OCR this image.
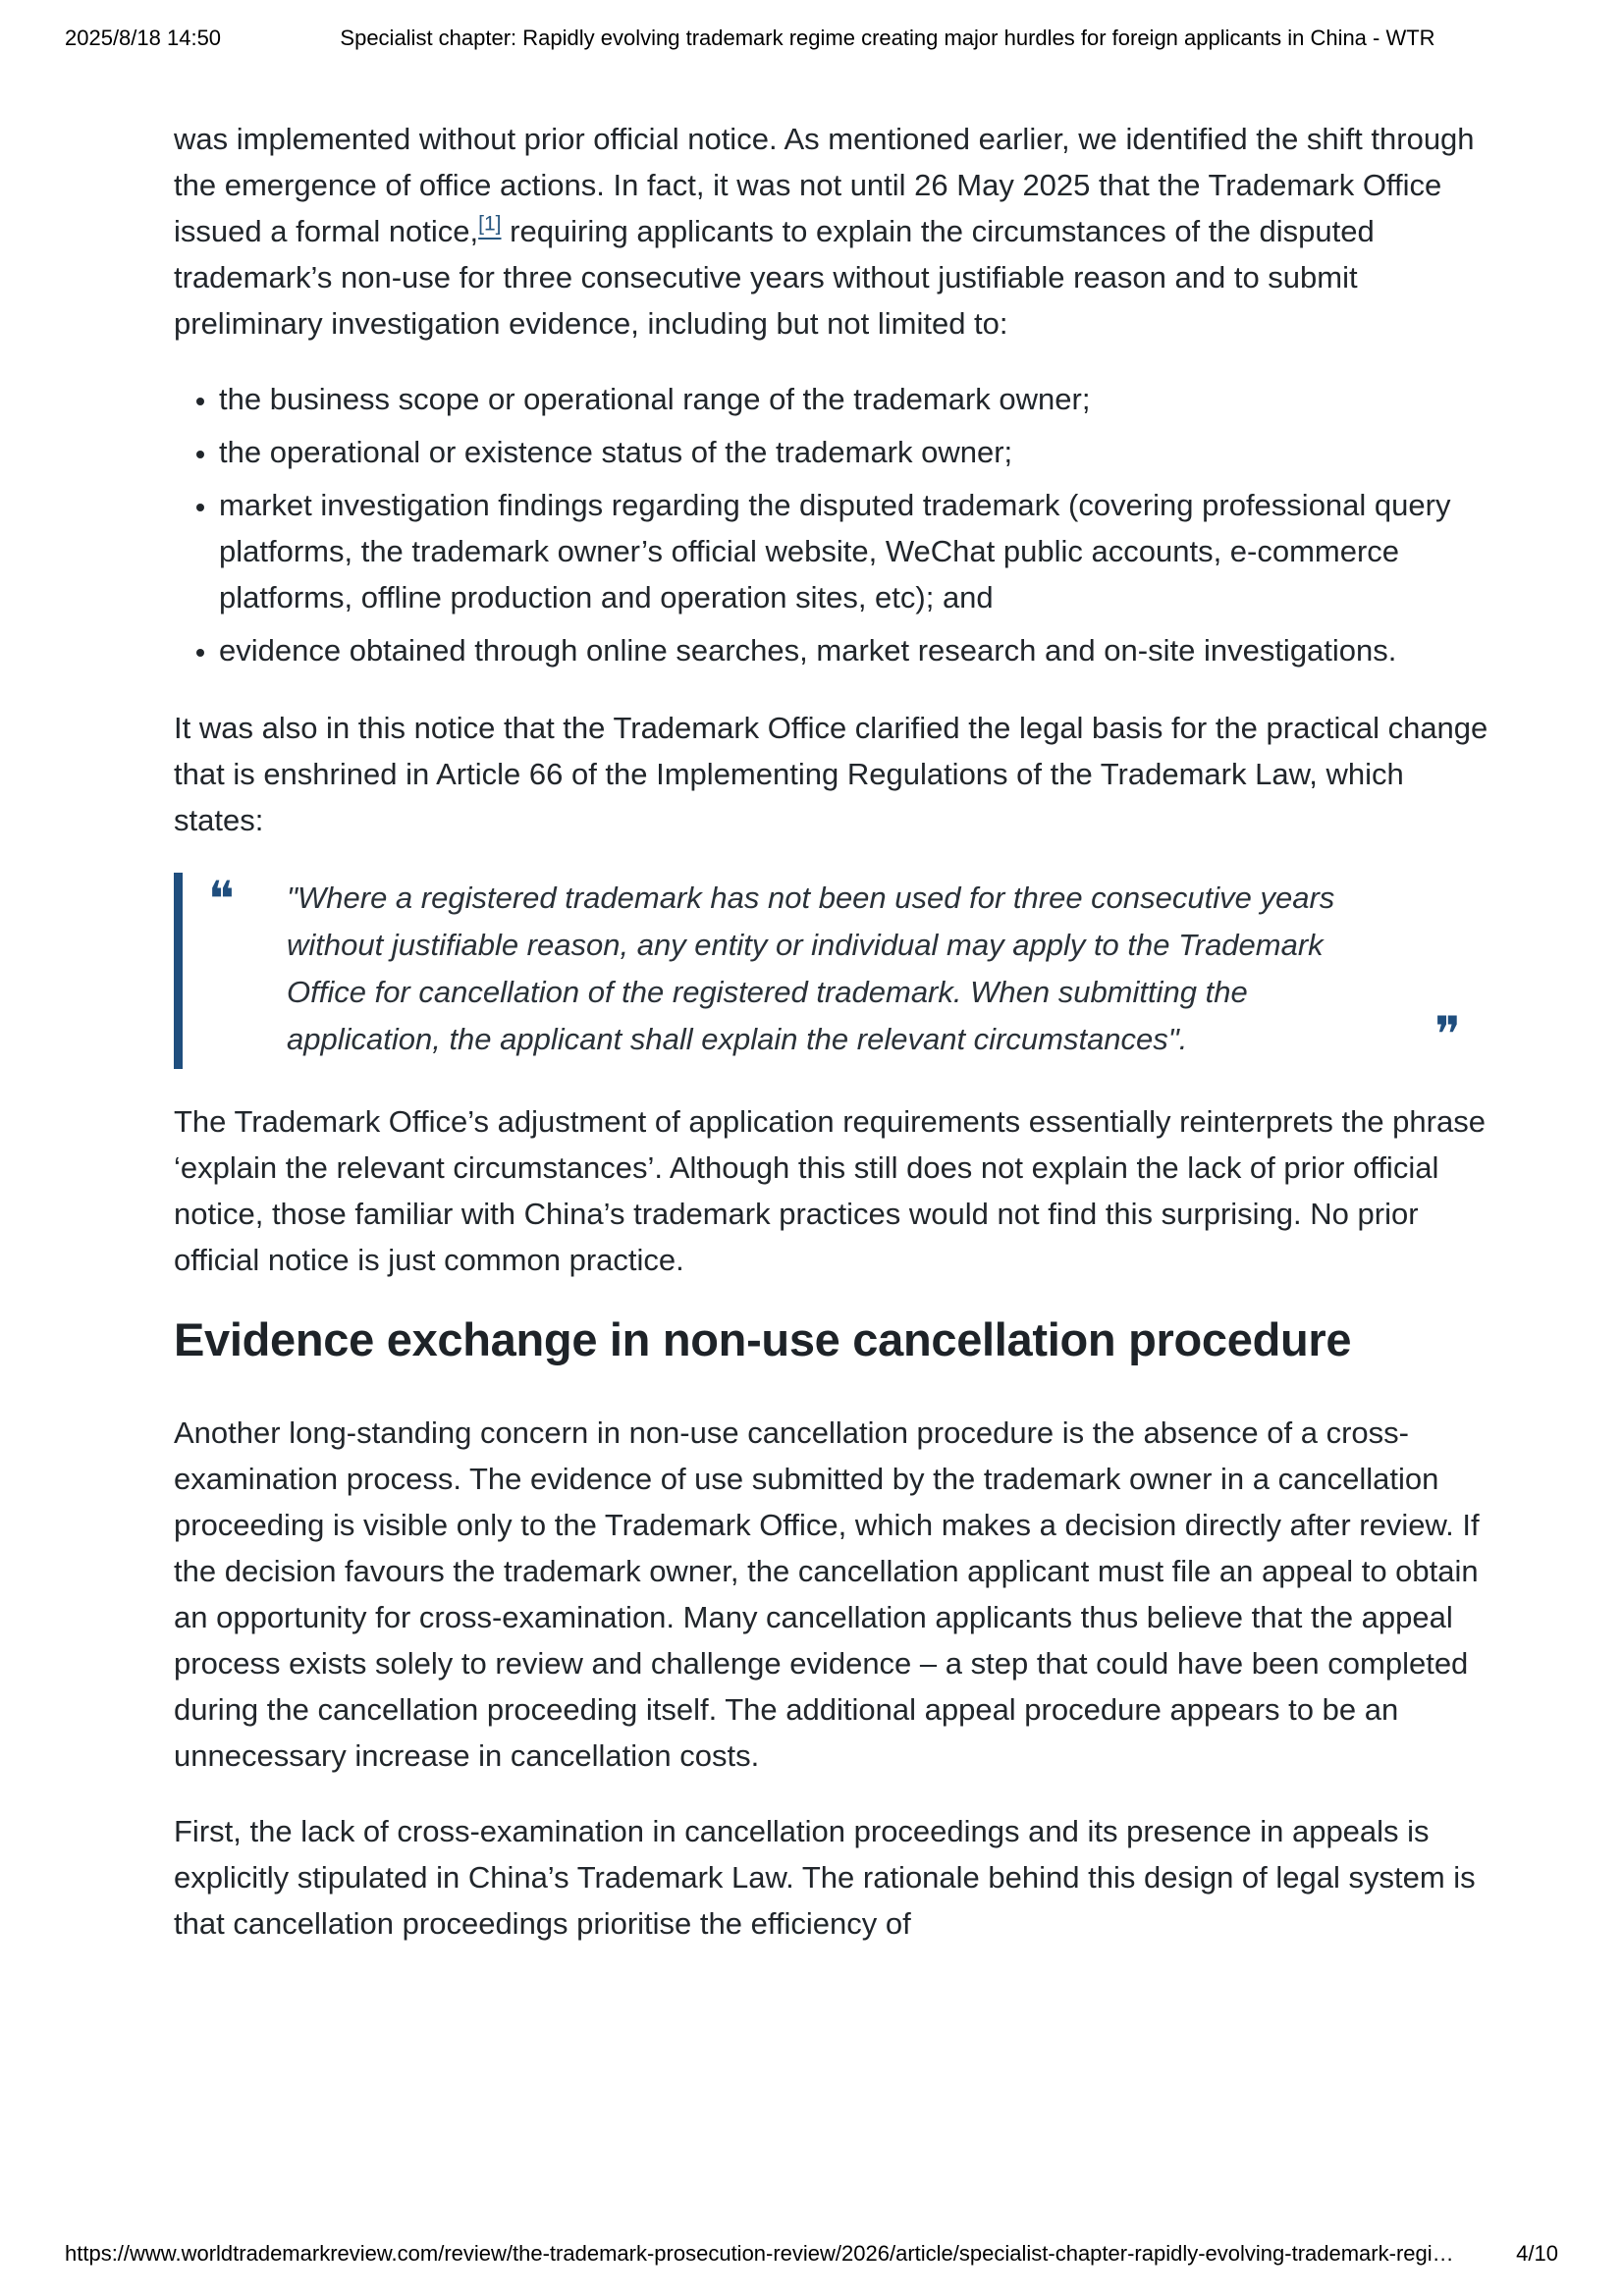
2025/8/18 14:50	Specialist chapter: Rapidly evolving trademark regime creating major hurdles for foreign applicants in China - WTR

was implemented without prior official notice. As mentioned earlier, we identified the shift through the emergence of office actions. In fact, it was not until 26 May 2025 that the Trademark Office issued a formal notice,[1] requiring applicants to explain the circumstances of the disputed trademark’s non-use for three consecutive years without justifiable reason and to submit preliminary investigation evidence, including but not limited to:

• the business scope or operational range of the trademark owner;
• the operational or existence status of the trademark owner;
• market investigation findings regarding the disputed trademark (covering professional query platforms, the trademark owner’s official website, WeChat public accounts, e-commerce platforms, offline production and operation sites, etc); and
• evidence obtained through online searches, market research and on-site investigations.

It was also in this notice that the Trademark Office clarified the legal basis for the practical change that is enshrined in Article 66 of the Implementing Regulations of the Trademark Law, which states:

❝ "Where a registered trademark has not been used for three consecutive years without justifiable reason, any entity or individual may apply to the Trademark Office for cancellation of the registered trademark. When submitting the application, the applicant shall explain the relevant circumstances".	❞

The Trademark Office’s adjustment of application requirements essentially reinterprets the phrase ‘explain the relevant circumstances’. Although this still does not explain the lack of prior official notice, those familiar with China’s trademark practices would not find this surprising. No prior official notice is just common practice.

Evidence exchange in non-use cancellation procedure

Another long-standing concern in non-use cancellation procedure is the absence of a cross-examination process. The evidence of use submitted by the trademark owner in a cancellation proceeding is visible only to the Trademark Office, which makes a decision directly after review. If the decision favours the trademark owner, the cancellation applicant must file an appeal to obtain an opportunity for cross-examination. Many cancellation applicants thus believe that the appeal process exists solely to review and challenge evidence – a step that could have been completed during the cancellation proceeding itself. The additional appeal procedure appears to be an unnecessary increase in cancellation costs.

First, the lack of cross-examination in cancellation proceedings and its presence in appeals is explicitly stipulated in China’s Trademark Law. The rationale behind this design of legal system is that cancellation proceedings prioritise the efficiency of

https://www.worldtrademarkreview.com/review/the-trademark-prosecution-review/2026/article/specialist-chapter-rapidly-evolving-trademark-regi…	4/10
